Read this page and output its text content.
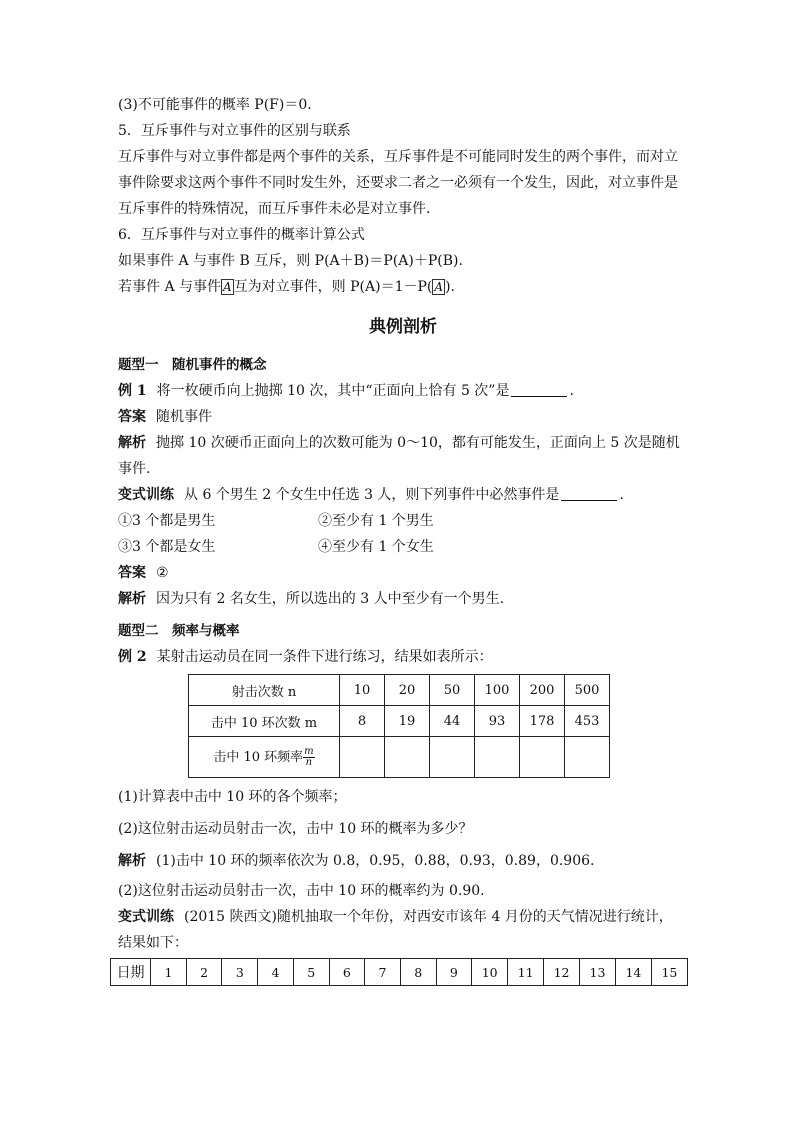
(3)不可能事件的概率 P(F)＝0.

5．互斥事件与对立事件的区别与联系

互斥事件与对立事件都是两个事件的关系，互斥事件是不可能同时发生的两个事件，而对立

事件除要求这两个事件不同时发生外，还要求二者之一必须有一个发生，因此，对立事件是

互斥事件的特殊情况，而互斥事件未必是对立事件．

6．互斥事件与对立事件的概率计算公式

如果事件 A 与事件 B 互斥，则 P(A＋B)＝P(A)＋P(B).

若事件 A 与事件 A 互为对立事件，则 P(A)＝1－P( A ).

典例剖析

题型一　随机事件的概念

例 1 将一枚硬币向上抛掷 10 次，其中“正面向上恰有 5 次”是	.

答案 随机事件

解析 抛掷 10 次硬币正面向上的次数可能为 0～10，都有可能发生，正面向上 5 次是随机

事件.

变式训练 从 6 个男生 2 个女生中任选 3 人，则下列事件中必然事件是	.

①3 个都是男生	②至少有 1 个男生

③3 个都是女生	④至少有 1 个女生

答案 ②

解析 因为只有 2 名女生，所以选出的 3 人中至少有一个男生.

题型二　频率与概率

例 2 某射击运动员在同一条件下进行练习，结果如表所示：

射击次数 n	10	20	50	100	200	500
击中 10 环次数 m	8	19	44	93	178	453
击中 10 环频率 $\frac{m}{n}$

(1)计算表中击中 10 环的各个频率；

(2)这位射击运动员射击一次，击中 10 环的概率为多少？

解析 (1)击中 10 环的频率依次为 0.8，0.95，0.88，0.93，0.89，0.906.

(2)这位射击运动员射击一次，击中 10 环的概率约为 0.90.

变式训练 (2015 陕西文)随机抽取一个年份，对西安市该年 4 月份的天气情况进行统计，

结果如下：

日期	1	2	3	4	5	6	7	8	9	10	11	12	13	14	15
